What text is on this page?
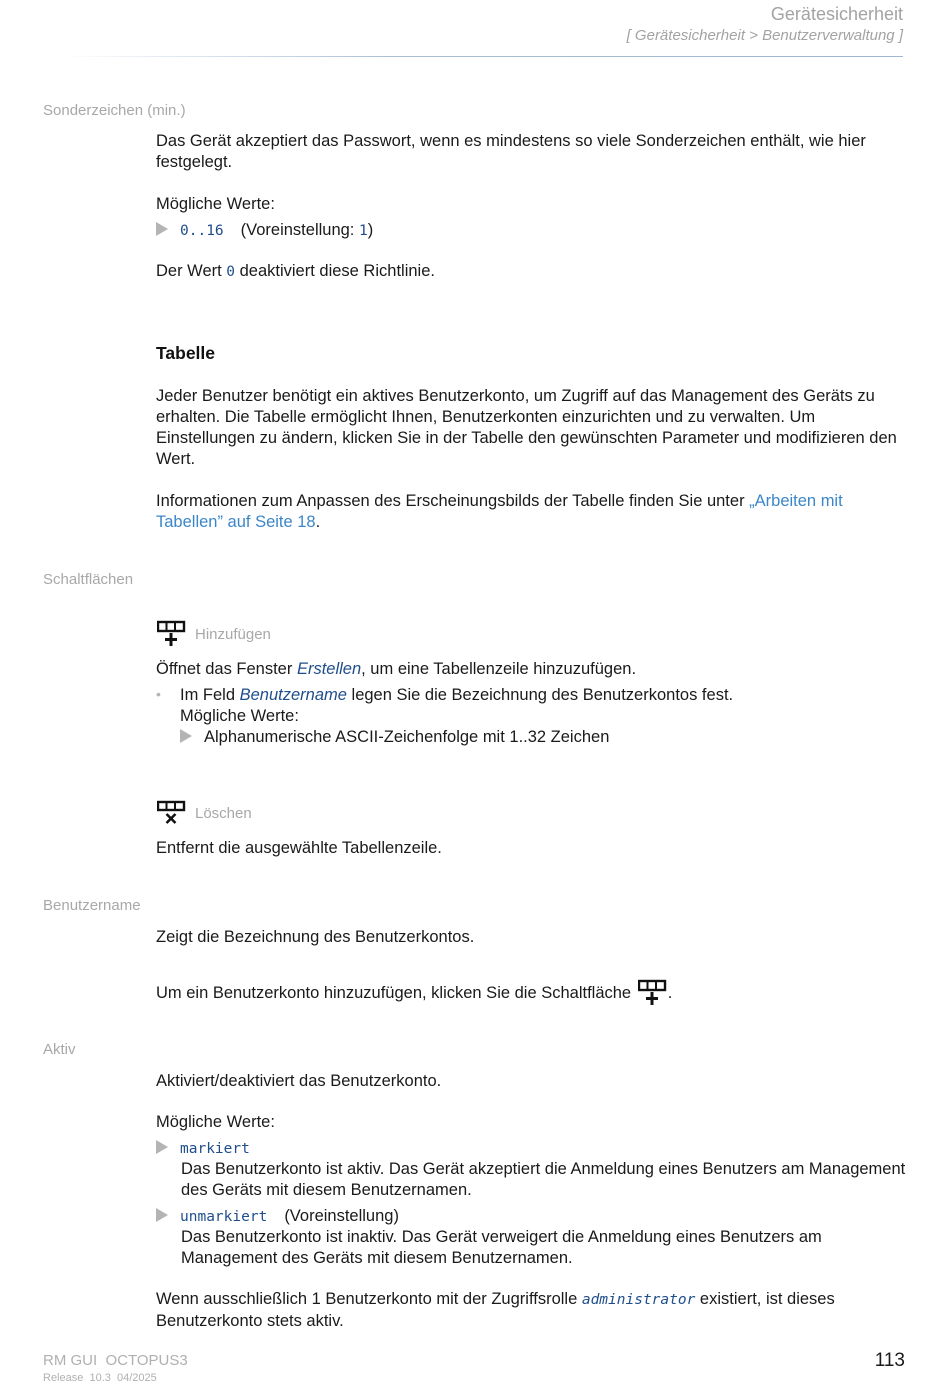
Gerätesicherheit
[ Gerätesicherheit > Benutzerverwaltung ]
Sonderzeichen (min.)
Das Gerät akzeptiert das Passwort, wenn es mindestens so viele Sonderzeichen enthält, wie hier festgelegt.
Mögliche Werte:
0..16 (Voreinstellung: 1)
Der Wert 0 deaktiviert diese Richtlinie.
Tabelle
Jeder Benutzer benötigt ein aktives Benutzerkonto, um Zugriff auf das Management des Geräts zu erhalten. Die Tabelle ermöglicht Ihnen, Benutzerkonten einzurichten und zu verwalten. Um Einstellungen zu ändern, klicken Sie in der Tabelle den gewünschten Parameter und modifizieren den Wert.
Informationen zum Anpassen des Erscheinungsbilds der Tabelle finden Sie unter „Arbeiten mit Tabellen” auf Seite 18.
Schaltflächen
Hinzufügen
Öffnet das Fenster Erstellen, um eine Tabellenzeile hinzuzufügen.
• Im Feld Benutzername legen Sie die Bezeichnung des Benutzerkontos fest.
Mögliche Werte:
Alphanumerische ASCII-Zeichenfolge mit 1..32 Zeichen
Löschen
Entfernt die ausgewählte Tabellenzeile.
Benutzername
Zeigt die Bezeichnung des Benutzerkontos.
Um ein Benutzerkonto hinzuzufügen, klicken Sie die Schaltfläche .
Aktiv
Aktiviert/deaktiviert das Benutzerkonto.
Mögliche Werte:
markiert
Das Benutzerkonto ist aktiv. Das Gerät akzeptiert die Anmeldung eines Benutzers am Management des Geräts mit diesem Benutzernamen.
unmarkiert (Voreinstellung)
Das Benutzerkonto ist inaktiv. Das Gerät verweigert die Anmeldung eines Benutzers am Management des Geräts mit diesem Benutzernamen.
Wenn ausschließlich 1 Benutzerkonto mit der Zugriffsrolle administrator existiert, ist dieses Benutzerkonto stets aktiv.
RM GUI  OCTOPUS3
Release  10.3  04/2025
113
